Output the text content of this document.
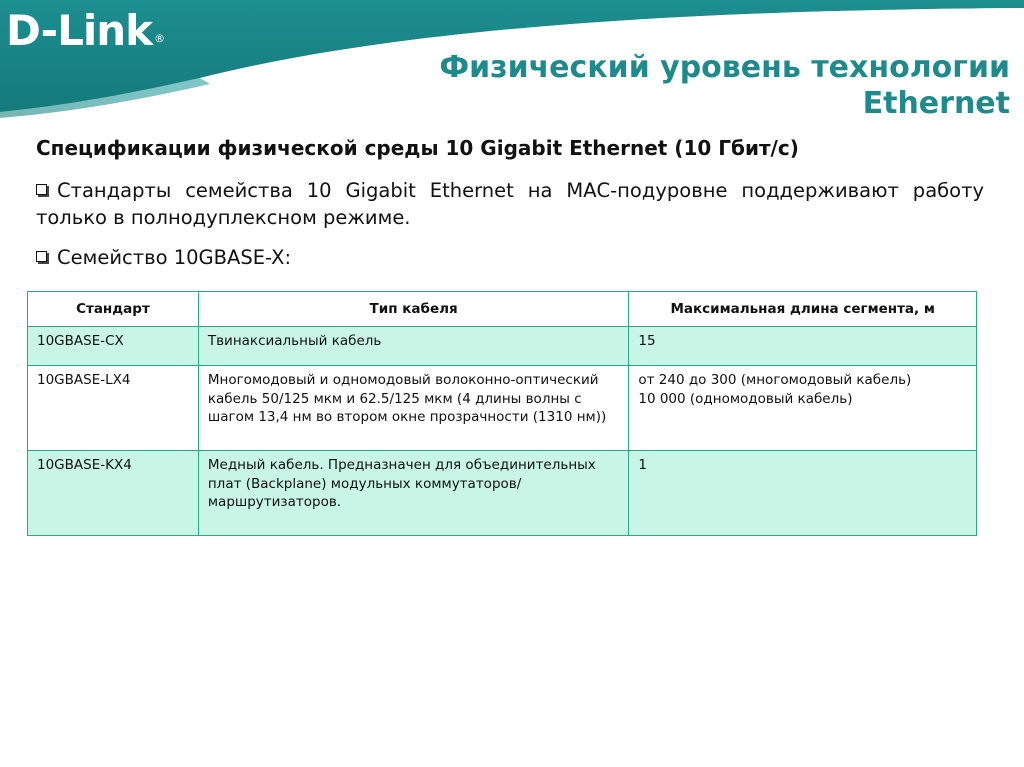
D-Link ®
Физический уровень технологии
Ethernet
Спецификации физической среды 10 Gigabit Ethernet (10 Гбит/с)
Стандарты семейства 10 Gigabit Ethernet на МАС-подуровне поддерживают работу только в полнодуплексном режиме.
Семейство 10GBASE-X:
Стандарт	Тип кабеля	Максимальная длина сегмента, м
10GBASE-CX	Твинаксиальный кабель	15
10GBASE-LX4	Многомодовый и одномодовый волоконно-оптический кабель 50/125 мкм и 62.5/125 мкм (4 длины волны с шагом 13,4 нм во втором окне прозрачности (1310 нм))	от 240 до 300 (многомодовый кабель)
10 000 (одномодовый кабель)

10GBASE-KX4	Медный кабель. Предназначен для объединительных плат (Backplane) модульных коммутаторов/маршрутизаторов.	1
